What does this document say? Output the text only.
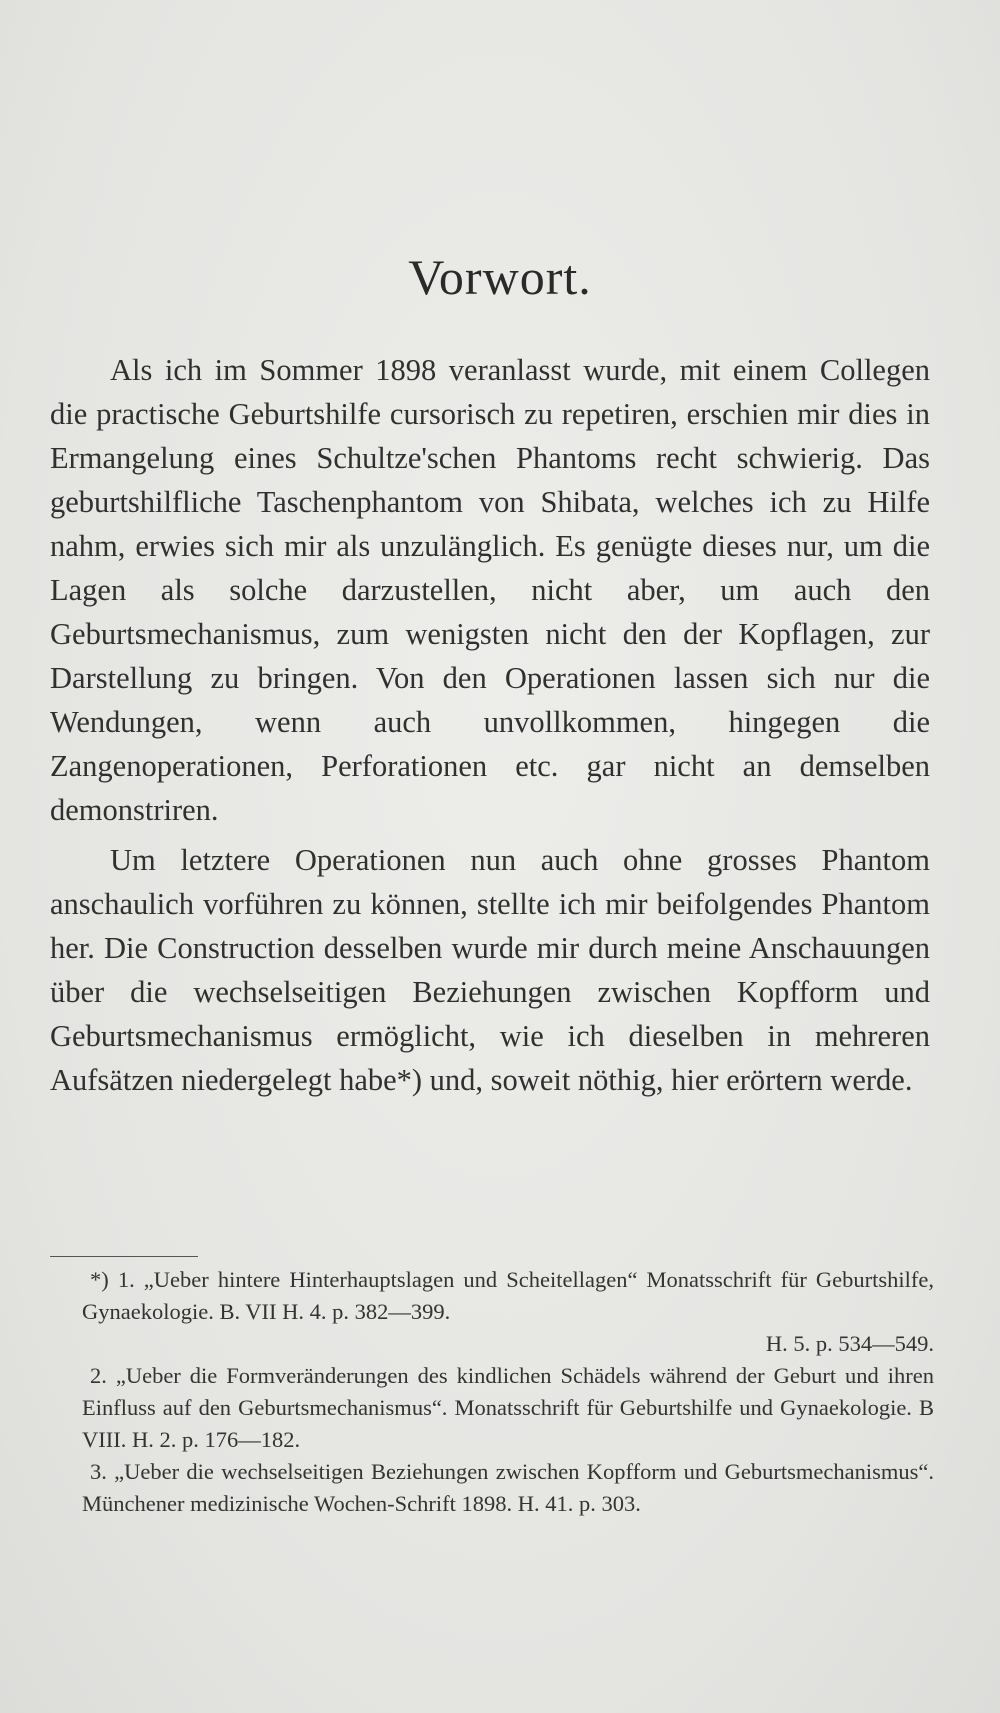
Vorwort.

Als ich im Sommer 1898 veranlasst wurde, mit einem Collegen die practische Geburtshilfe cursorisch zu repetiren, erschien mir dies in Ermangelung eines Schultze'schen Phantoms recht schwierig. Das geburtshilfliche Taschenphantom von Shibata, welches ich zu Hilfe nahm, erwies sich mir als unzulänglich. Es genügte dieses nur, um die Lagen als solche darzustellen, nicht aber, um auch den Geburtsmechanismus, zum wenigsten nicht den der Kopflagen, zur Darstellung zu bringen. Von den Operationen lassen sich nur die Wendungen, wenn auch unvollkommen, hingegen die Zangenoperationen, Perforationen etc. gar nicht an demselben demonstriren.

Um letztere Operationen nun auch ohne grosses Phantom anschaulich vorführen zu können, stellte ich mir beifolgendes Phantom her. Die Construction desselben wurde mir durch meine Anschauungen über die wechselseitigen Beziehungen zwischen Kopfform und Geburtsmechanismus ermöglicht, wie ich dieselben in mehreren Aufsätzen niedergelegt habe*) und, soweit nöthig, hier erörtern werde.

*) 1. „Ueber hintere Hinterhauptslagen und Scheitellagen“ Monatsschrift für Geburtshilfe, Gynaekologie. B. VII H. 4. p. 382—399.
H. 5. p. 534—549.

2. „Ueber die Formveränderungen des kindlichen Schädels während der Geburt und ihren Einfluss auf den Geburtsmechanismus“. Monatsschrift für Geburtshilfe und Gynaekologie. B VIII. H. 2. p. 176—182.

3. „Ueber die wechselseitigen Beziehungen zwischen Kopfform und Geburtsmechanismus“. Münchener medizinische Wochen-Schrift 1898. H. 41. p. 303.
